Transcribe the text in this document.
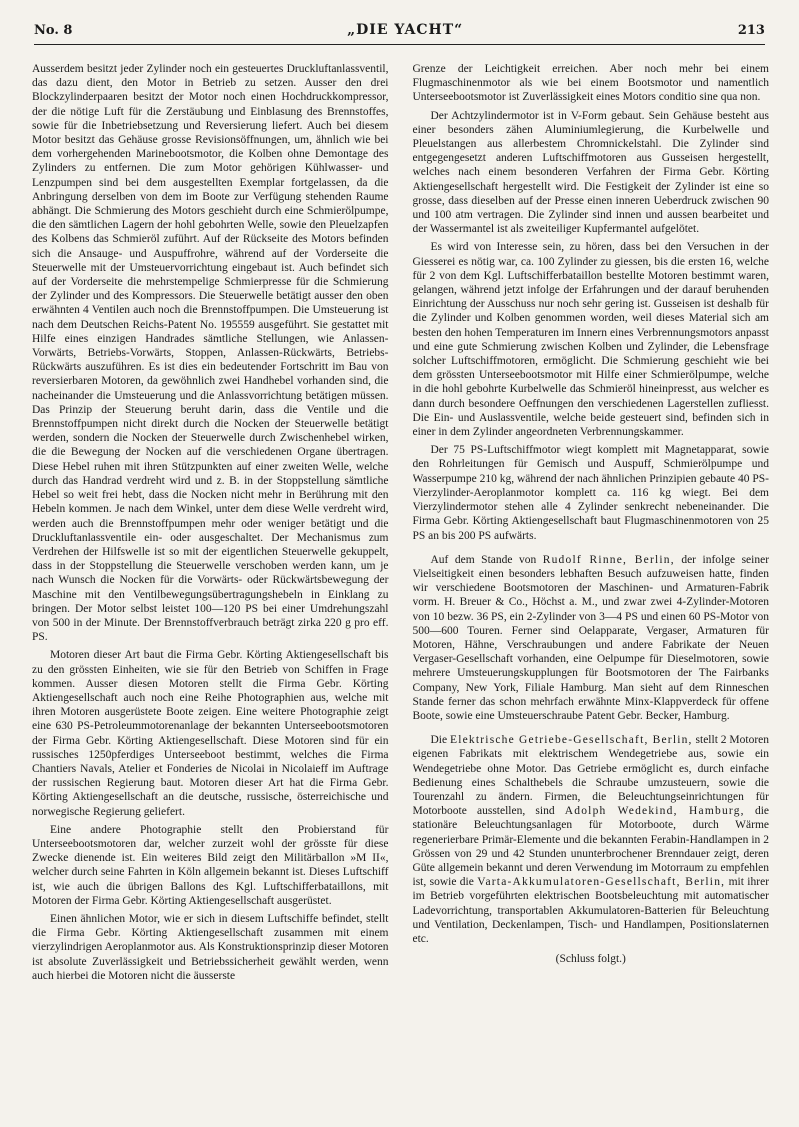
No. 8	„DIE YACHT“	213

Ausserdem besitzt jeder Zylinder noch ein gesteuertes Druckluftanlassventil, das dazu dient, den Motor in Betrieb zu setzen. Ausser den drei Blockzylinderpaaren besitzt der Motor noch einen Hochdruckkompressor, der die nötige Luft für die Zerstäubung und Einblasung des Brennstoffes, sowie für die Inbetriebsetzung und Reversierung liefert. Auch bei diesem Motor besitzt das Gehäuse grosse Revisionsöffnungen, um, ähnlich wie bei dem vorhergehenden Marinebootsmotor, die Kolben ohne Demontage des Zylinders zu entfernen. Die zum Motor gehörigen Kühlwasser- und Lenzpumpen sind bei dem ausgestellten Exemplar fortgelassen, da die Anbringung derselben von dem im Boote zur Verfügung stehenden Raume abhängt. Die Schmierung des Motors geschieht durch eine Schmierölpumpe, die den sämtlichen Lagern der hohl gebohrten Welle, sowie den Pleuelzapfen des Kolbens das Schmieröl zuführt. Auf der Rückseite des Motors befinden sich die Ansauge- und Auspuffrohre, während auf der Vorderseite die Steuerwelle mit der Umsteuervorrichtung eingebaut ist. Auch befindet sich auf der Vorderseite die mehrstempelige Schmierpresse für die Schmierung der Zylinder und des Kompressors. Die Steuerwelle betätigt ausser den oben erwähnten 4 Ventilen auch noch die Brennstoffpumpen. Die Umsteuerung ist nach dem Deutschen Reichs-Patent No. 195559 ausgeführt. Sie gestattet mit Hilfe eines einzigen Handrades sämtliche Stellungen, wie Anlassen-Vorwärts, Betriebs-Vorwärts, Stoppen, Anlassen-Rückwärts, Betriebs-Rückwärts auszuführen. Es ist dies ein bedeutender Fortschritt im Bau von reversierbaren Motoren, da gewöhnlich zwei Handhebel vorhanden sind, die nacheinander die Umsteuerung und die Anlassvorrichtung betätigen müssen. Das Prinzip der Steuerung beruht darin, dass die Ventile und die Brennstoffpumpen nicht direkt durch die Nocken der Steuerwelle betätigt werden, sondern die Nocken der Steuerwelle durch Zwischenhebel wirken, die die Bewegung der Nocken auf die verschiedenen Organe übertragen. Diese Hebel ruhen mit ihren Stützpunkten auf einer zweiten Welle, welche durch das Handrad verdreht wird und z. B. in der Stoppstellung sämtliche Hebel so weit frei hebt, dass die Nocken nicht mehr in Berührung mit den Hebeln kommen. Je nach dem Winkel, unter dem diese Welle verdreht wird, werden auch die Brennstoffpumpen mehr oder weniger betätigt und die Druckluftanlassventile ein- oder ausgeschaltet. Der Mechanismus zum Verdrehen der Hilfswelle ist so mit der eigentlichen Steuerwelle gekuppelt, dass in der Stoppstellung die Steuerwelle verschoben werden kann, um je nach Wunsch die Nocken für die Vorwärts- oder Rückwärtsbewegung der Maschine mit den Ventilbewegungsübertragungshebeln in Einklang zu bringen. Der Motor selbst leistet 100—120 PS bei einer Umdrehungszahl von 500 in der Minute. Der Brennstoffverbrauch beträgt zirka 220 g pro eff. PS.

Motoren dieser Art baut die Firma Gebr. Körting Aktiengesellschaft bis zu den grössten Einheiten, wie sie für den Betrieb von Schiffen in Frage kommen. Ausser diesen Motoren stellt die Firma Gebr. Körting Aktiengesellschaft auch noch eine Reihe Photographien aus, welche mit ihren Motoren ausgerüstete Boote zeigen. Eine weitere Photographie zeigt eine 630 PS-Petroleummotorenanlage der bekannten Unterseebootsmotoren der Firma Gebr. Körting Aktiengesellschaft. Diese Motoren sind für ein russisches 1250pferdiges Unterseeboot bestimmt, welches die Firma Chantiers Navals, Atelier et Fonderies de Nicolai in Nicolaieff im Auftrage der russischen Regierung baut. Motoren dieser Art hat die Firma Gebr. Körting Aktiengesellschaft an die deutsche, russische, österreichische und norwegische Regierung geliefert.

Eine andere Photographie stellt den Probierstand für Unterseebootsmotoren dar, welcher zurzeit wohl der grösste für diese Zwecke dienende ist. Ein weiteres Bild zeigt den Militärballon »M II«, welcher durch seine Fahrten in Köln allgemein bekannt ist. Dieses Luftschiff ist, wie auch die übrigen Ballons des Kgl. Luftschifferbataillons, mit Motoren der Firma Gebr. Körting Aktiengesellschaft ausgerüstet.

Einen ähnlichen Motor, wie er sich in diesem Luftschiffe befindet, stellt die Firma Gebr. Körting Aktiengesellschaft zusammen mit einem vierzylindrigen Aeroplanmotor aus. Als Konstruktionsprinzip dieser Motoren ist absolute Zuverlässigkeit und Betriebssicherheit gewählt werden, wenn auch hierbei die Motoren nicht die äusserste

Grenze der Leichtigkeit erreichen. Aber noch mehr bei einem Flugmaschinenmotor als wie bei einem Bootsmotor und namentlich Unterseebootsmotor ist Zuverlässigkeit eines Motors conditio sine qua non.

Der Achtzylindermotor ist in V-Form gebaut. Sein Gehäuse besteht aus einer besonders zähen Aluminiumlegierung, die Kurbelwelle und Pleuelstangen aus allerbestem Chromnickelstahl. Die Zylinder sind entgegengesetzt anderen Luftschiffmotoren aus Gusseisen hergestellt, welches nach einem besonderen Verfahren der Firma Gebr. Körting Aktiengesellschaft hergestellt wird. Die Festigkeit der Zylinder ist eine so grosse, dass dieselben auf der Presse einen inneren Ueberdruck zwischen 90 und 100 atm vertragen. Die Zylinder sind innen und aussen bearbeitet und der Wassermantel ist als zweiteiliger Kupfermantel aufgelötet.

Es wird von Interesse sein, zu hören, dass bei den Versuchen in der Giesserei es nötig war, ca. 100 Zylinder zu giessen, bis die ersten 16, welche für 2 von dem Kgl. Luftschifferbataillon bestellte Motoren bestimmt waren, gelangen, während jetzt infolge der Erfahrungen und der darauf beruhenden Einrichtung der Ausschuss nur noch sehr gering ist. Gusseisen ist deshalb für die Zylinder und Kolben genommen worden, weil dieses Material sich am besten den hohen Temperaturen im Innern eines Verbrennungsmotors anpasst und eine gute Schmierung zwischen Kolben und Zylinder, die Lebensfrage solcher Luftschiffmotoren, ermöglicht. Die Schmierung geschieht wie bei dem grössten Unterseebootsmotor mit Hilfe einer Schmierölpumpe, welche in die hohl gebohrte Kurbelwelle das Schmieröl hineinpresst, aus welcher es dann durch besondere Oeffnungen den verschiedenen Lagerstellen zufliesst. Die Ein- und Auslassventile, welche beide gesteuert sind, befinden sich in einer in dem Zylinder angeordneten Verbrennungskammer.

Der 75 PS-Luftschiffmotor wiegt komplett mit Magnetapparat, sowie den Rohrleitungen für Gemisch und Auspuff, Schmierölpumpe und Wasserpumpe 210 kg, während der nach ähnlichen Prinzipien gebaute 40 PS-Vierzylinder-Aeroplanmotor komplett ca. 116 kg wiegt. Bei dem Vierzylindermotor stehen alle 4 Zylinder senkrecht nebeneinander. Die Firma Gebr. Körting Aktiengesellschaft baut Flugmaschinenmotoren von 25 PS an bis 200 PS aufwärts.

Auf dem Stande von Rudolf Rinne, Berlin, der infolge seiner Vielseitigkeit einen besonders lebhaften Besuch aufzuweisen hatte, finden wir verschiedene Bootsmotoren der Maschinen- und Armaturen-Fabrik vorm. H. Breuer & Co., Höchst a. M., und zwar zwei 4-Zylinder-Motoren von 10 bezw. 36 PS, ein 2-Zylinder von 3—4 PS und einen 60 PS-Motor von 500—600 Touren. Ferner sind Oelapparate, Vergaser, Armaturen für Motoren, Hähne, Verschraubungen und andere Fabrikate der Neuen Vergaser-Gesellschaft vorhanden, eine Oelpumpe für Dieselmotoren, sowie mehrere Umsteuerungskupplungen für Bootsmotoren der The Fairbanks Company, New York, Filiale Hamburg. Man sieht auf dem Rinneschen Stande ferner das schon mehrfach erwähnte Minx-Klappverdeck für offene Boote, sowie eine Umsteuerschraube Patent Gebr. Becker, Hamburg.

Die Elektrische Getriebe-Gesellschaft, Berlin, stellt 2 Motoren eigenen Fabrikats mit elektrischem Wendegetriebe aus, sowie ein Wendegetriebe ohne Motor. Das Getriebe ermöglicht es, durch einfache Bedienung eines Schalthebels die Schraube umzusteuern, sowie die Tourenzahl zu ändern. Firmen, die Beleuchtungseinrichtungen für Motorboote ausstellen, sind Adolph Wedekind, Hamburg, die stationäre Beleuchtungsanlagen für Motorboote, durch Wärme regenerierbare Primär-Elemente und die bekannten Ferabin-Handlampen in 2 Grössen von 29 und 42 Stunden ununterbrochener Brenndauer zeigt, deren Güte allgemein bekannt und deren Verwendung im Motorraum zu empfehlen ist, sowie die Varta-Akkumulatoren-Gesellschaft, Berlin, mit ihrer im Betrieb vorgeführten elektrischen Bootsbeleuchtung mit automatischer Ladevorrichtung, transportablen Akkumulatoren-Batterien für Beleuchtung und Ventilation, Deckenlampen, Tisch- und Handlampen, Positionslaternen etc.

(Schluss folgt.)
